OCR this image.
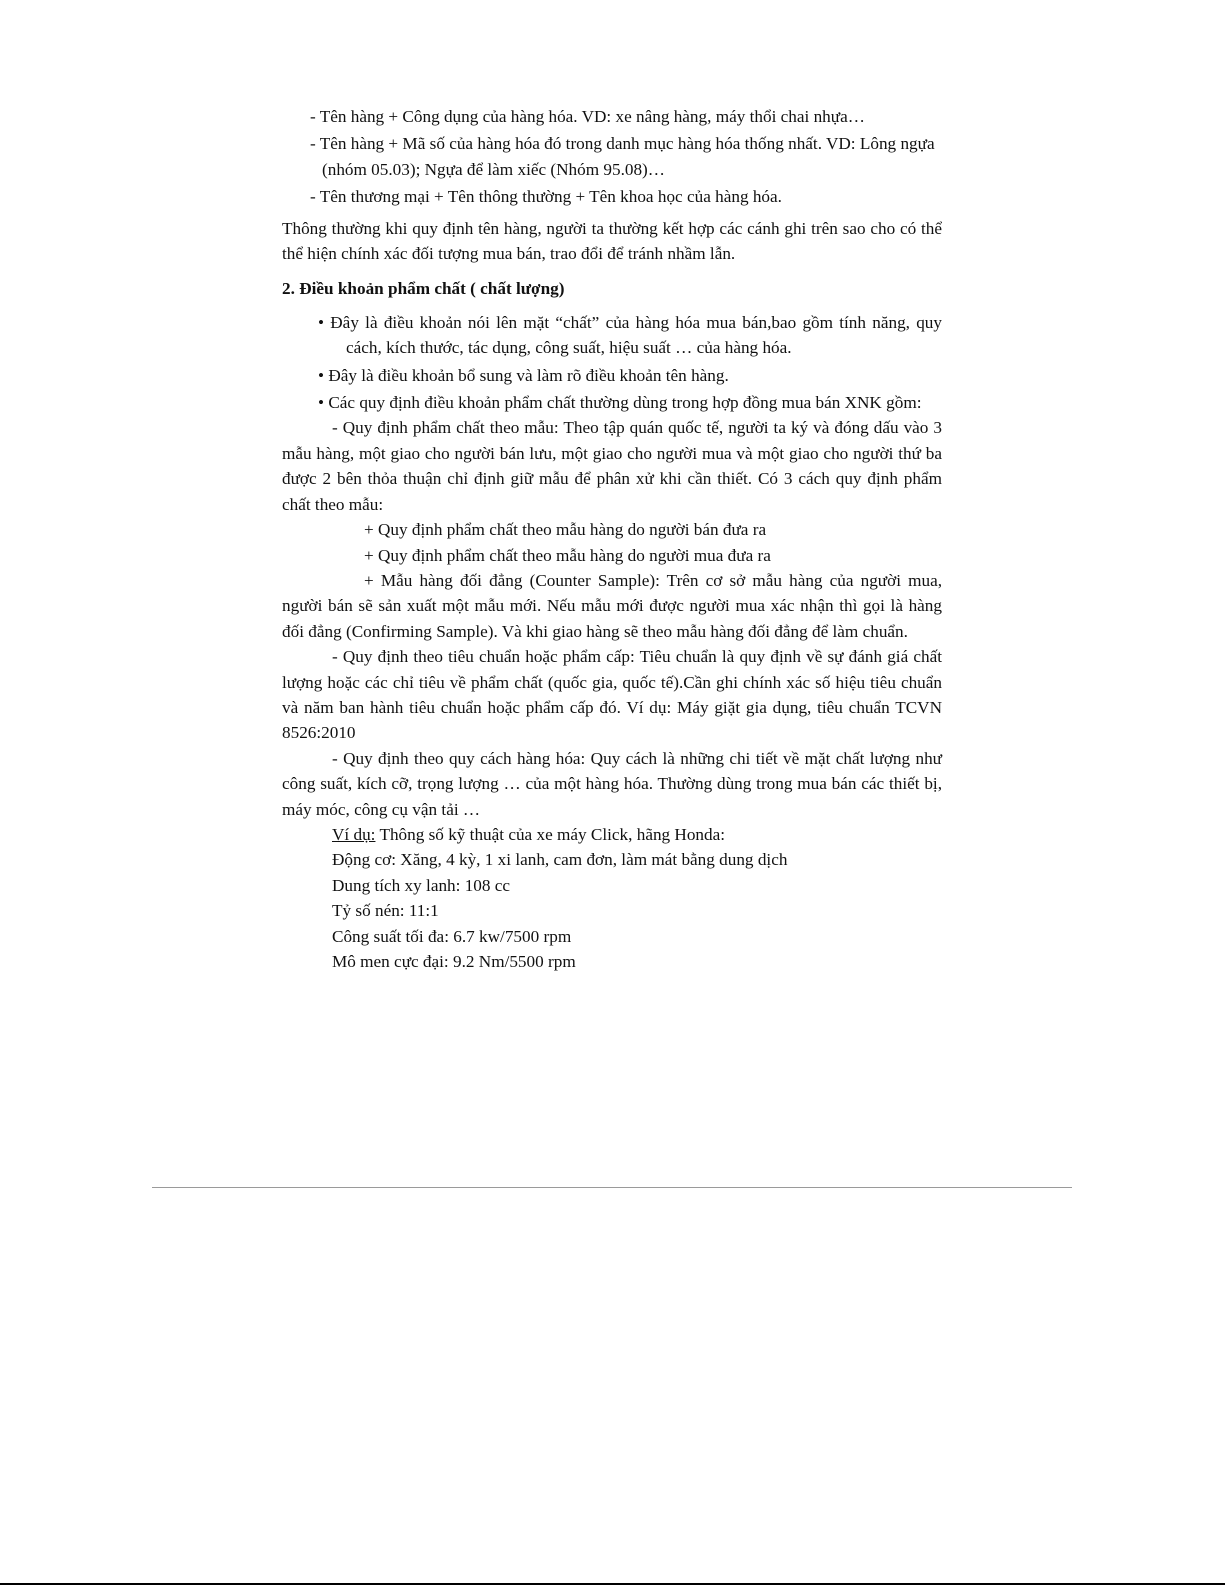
- Tên hàng + Công dụng của hàng hóa. VD: xe nâng hàng, máy thổi chai nhựa…

- Tên hàng + Mã số của hàng hóa đó trong danh mục hàng hóa thống nhất. VD: Lông ngựa (nhóm 05.03); Ngựa để làm xiếc (Nhóm 95.08)…

- Tên thương mại + Tên thông thường + Tên khoa học của hàng hóa.

Thông thường khi quy định tên hàng, người ta thường kết hợp các cánh ghi trên sao cho có thể thể hiện chính xác đối tượng mua bán, trao đổi để tránh nhầm lẫn.

2. Điều khoản phẩm chất ( chất lượng)

• Đây là điều khoản nói lên mặt “chất” của hàng hóa mua bán,bao gồm tính năng, quy cách, kích thước, tác dụng, công suất, hiệu suất … của hàng hóa.

• Đây là điều khoản bổ sung và làm rõ điều khoản tên hàng.

• Các quy định điều khoản phẩm chất thường dùng trong hợp đồng mua bán XNK gồm:

- Quy định phẩm chất theo mẫu: Theo tập quán quốc tế, người ta ký và đóng dấu vào 3 mẫu hàng, một giao cho người bán lưu, một giao cho người mua và một giao cho người thứ ba được 2 bên thỏa thuận chỉ định giữ mẫu để phân xử khi cần thiết. Có 3 cách quy định phẩm chất theo mẫu:

+ Quy định phẩm chất theo mẫu hàng do người bán đưa ra

+ Quy định phẩm chất theo mẫu hàng do người mua đưa ra

+ Mẫu hàng đối đẳng (Counter Sample): Trên cơ sở mẫu hàng của người mua, người bán sẽ sản xuất một mẫu mới. Nếu mẫu mới được người mua xác nhận thì gọi là hàng đối đẳng (Confirming Sample). Và khi giao hàng sẽ theo mẫu hàng đối đẳng để làm chuẩn.

- Quy định theo tiêu chuẩn hoặc phẩm cấp: Tiêu chuẩn là quy định về sự đánh giá chất lượng hoặc các chỉ tiêu về phẩm chất (quốc gia, quốc tế).Cần ghi chính xác số hiệu tiêu chuẩn và năm ban hành tiêu chuẩn hoặc phẩm cấp đó. Ví dụ: Máy giặt gia dụng, tiêu chuẩn TCVN 8526:2010

- Quy định theo quy cách hàng hóa: Quy cách là những chi tiết về mặt chất lượng như công suất, kích cỡ, trọng lượng … của một hàng hóa. Thường dùng trong mua bán các thiết bị, máy móc, công cụ vận tải …

Ví dụ: Thông số kỹ thuật của xe máy Click, hãng Honda:

Động cơ: Xăng, 4 kỳ, 1 xi lanh, cam đơn, làm mát bằng dung dịch

Dung tích xy lanh: 108 cc

Tỷ số nén: 11:1

Công suất tối đa: 6.7 kw/7500 rpm

Mô men cực đại: 9.2 Nm/5500 rpm
